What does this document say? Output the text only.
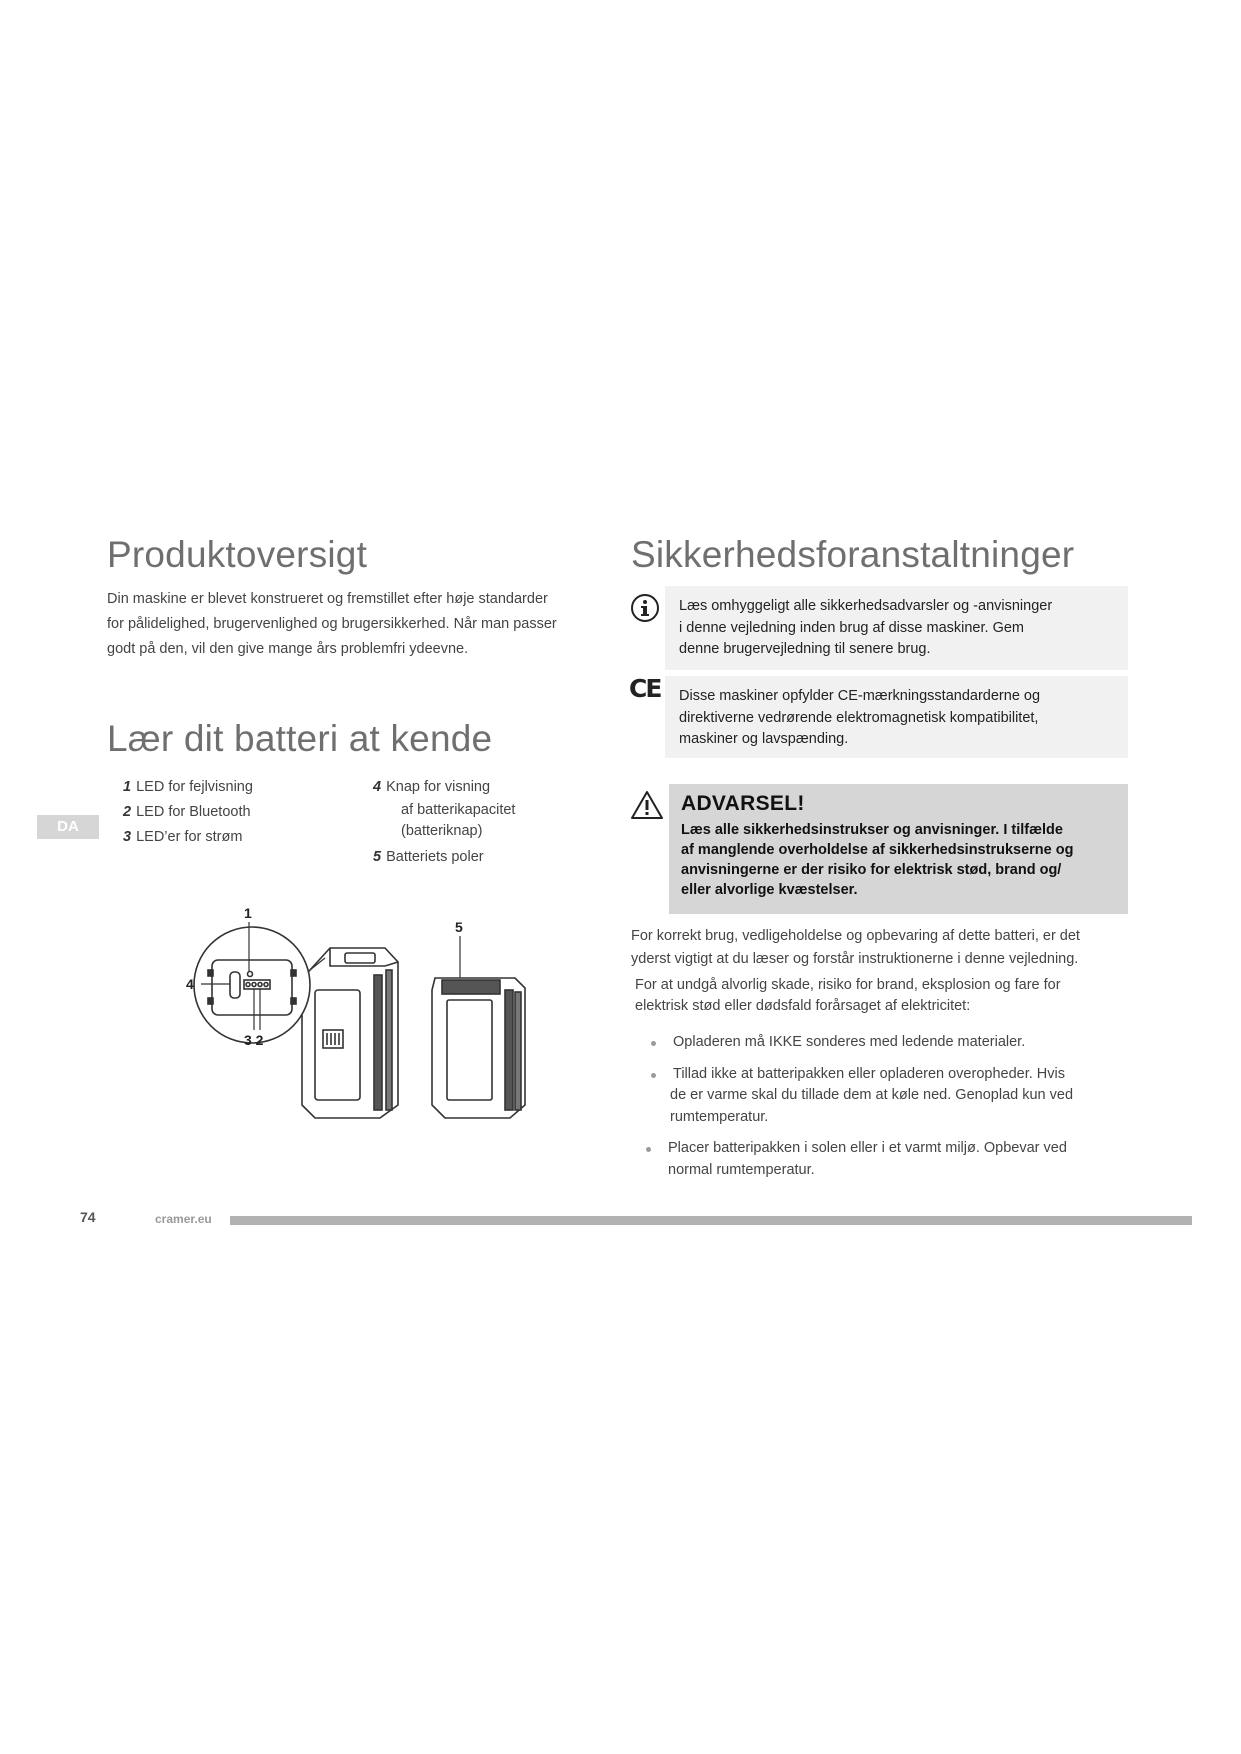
Produktoversigt
Din maskine er blevet konstrueret og fremstillet efter høje standarder
for pålidelighed, brugervenlighed og brugersikkerhed. Når man passer
godt på den, vil den give mange års problemfri ydeevne.
Lær dit batteri at kende
DA
1 LED for fejlvisning
2 LED for Bluetooth
3 LED’er for strøm
4 Knap for visning
af batterikapacitet
(batteriknap)
5 Batteriets poler
1
4
3 2
5
Sikkerhedsforanstaltninger
Læs omhyggeligt alle sikkerhedsadvarsler og -anvisninger
i denne vejledning inden brug af disse maskiner. Gem
denne brugervejledning til senere brug.
CE Disse maskiner opfylder CE-mærkningsstandarderne og
direktiverne vedrørende elektromagnetisk kompatibilitet,
maskiner og lavspænding.
ADVARSEL!
Læs alle sikkerhedsinstrukser og anvisninger. I tilfælde
af manglende overholdelse af sikkerhedsinstrukserne og
anvisningerne er der risiko for elektrisk stød, brand og/
eller alvorlige kvæstelser.
For korrekt brug, vedligeholdelse og opbevaring af dette batteri, er det
yderst vigtigt at du læser og forstår instruktionerne i denne vejledning.
For at undgå alvorlig skade, risiko for brand, eksplosion og fare for
elektrisk stød eller dødsfald forårsaget af elektricitet:
Opladeren må IKKE sonderes med ledende materialer.
Tillad ikke at batteripakken eller opladeren overopheder. Hvis
de er varme skal du tillade dem at køle ned. Genoplad kun ved
rumtemperatur.
Placer batteripakken i solen eller i et varmt miljø. Opbevar ved
normal rumtemperatur.
74	cramer.eu
